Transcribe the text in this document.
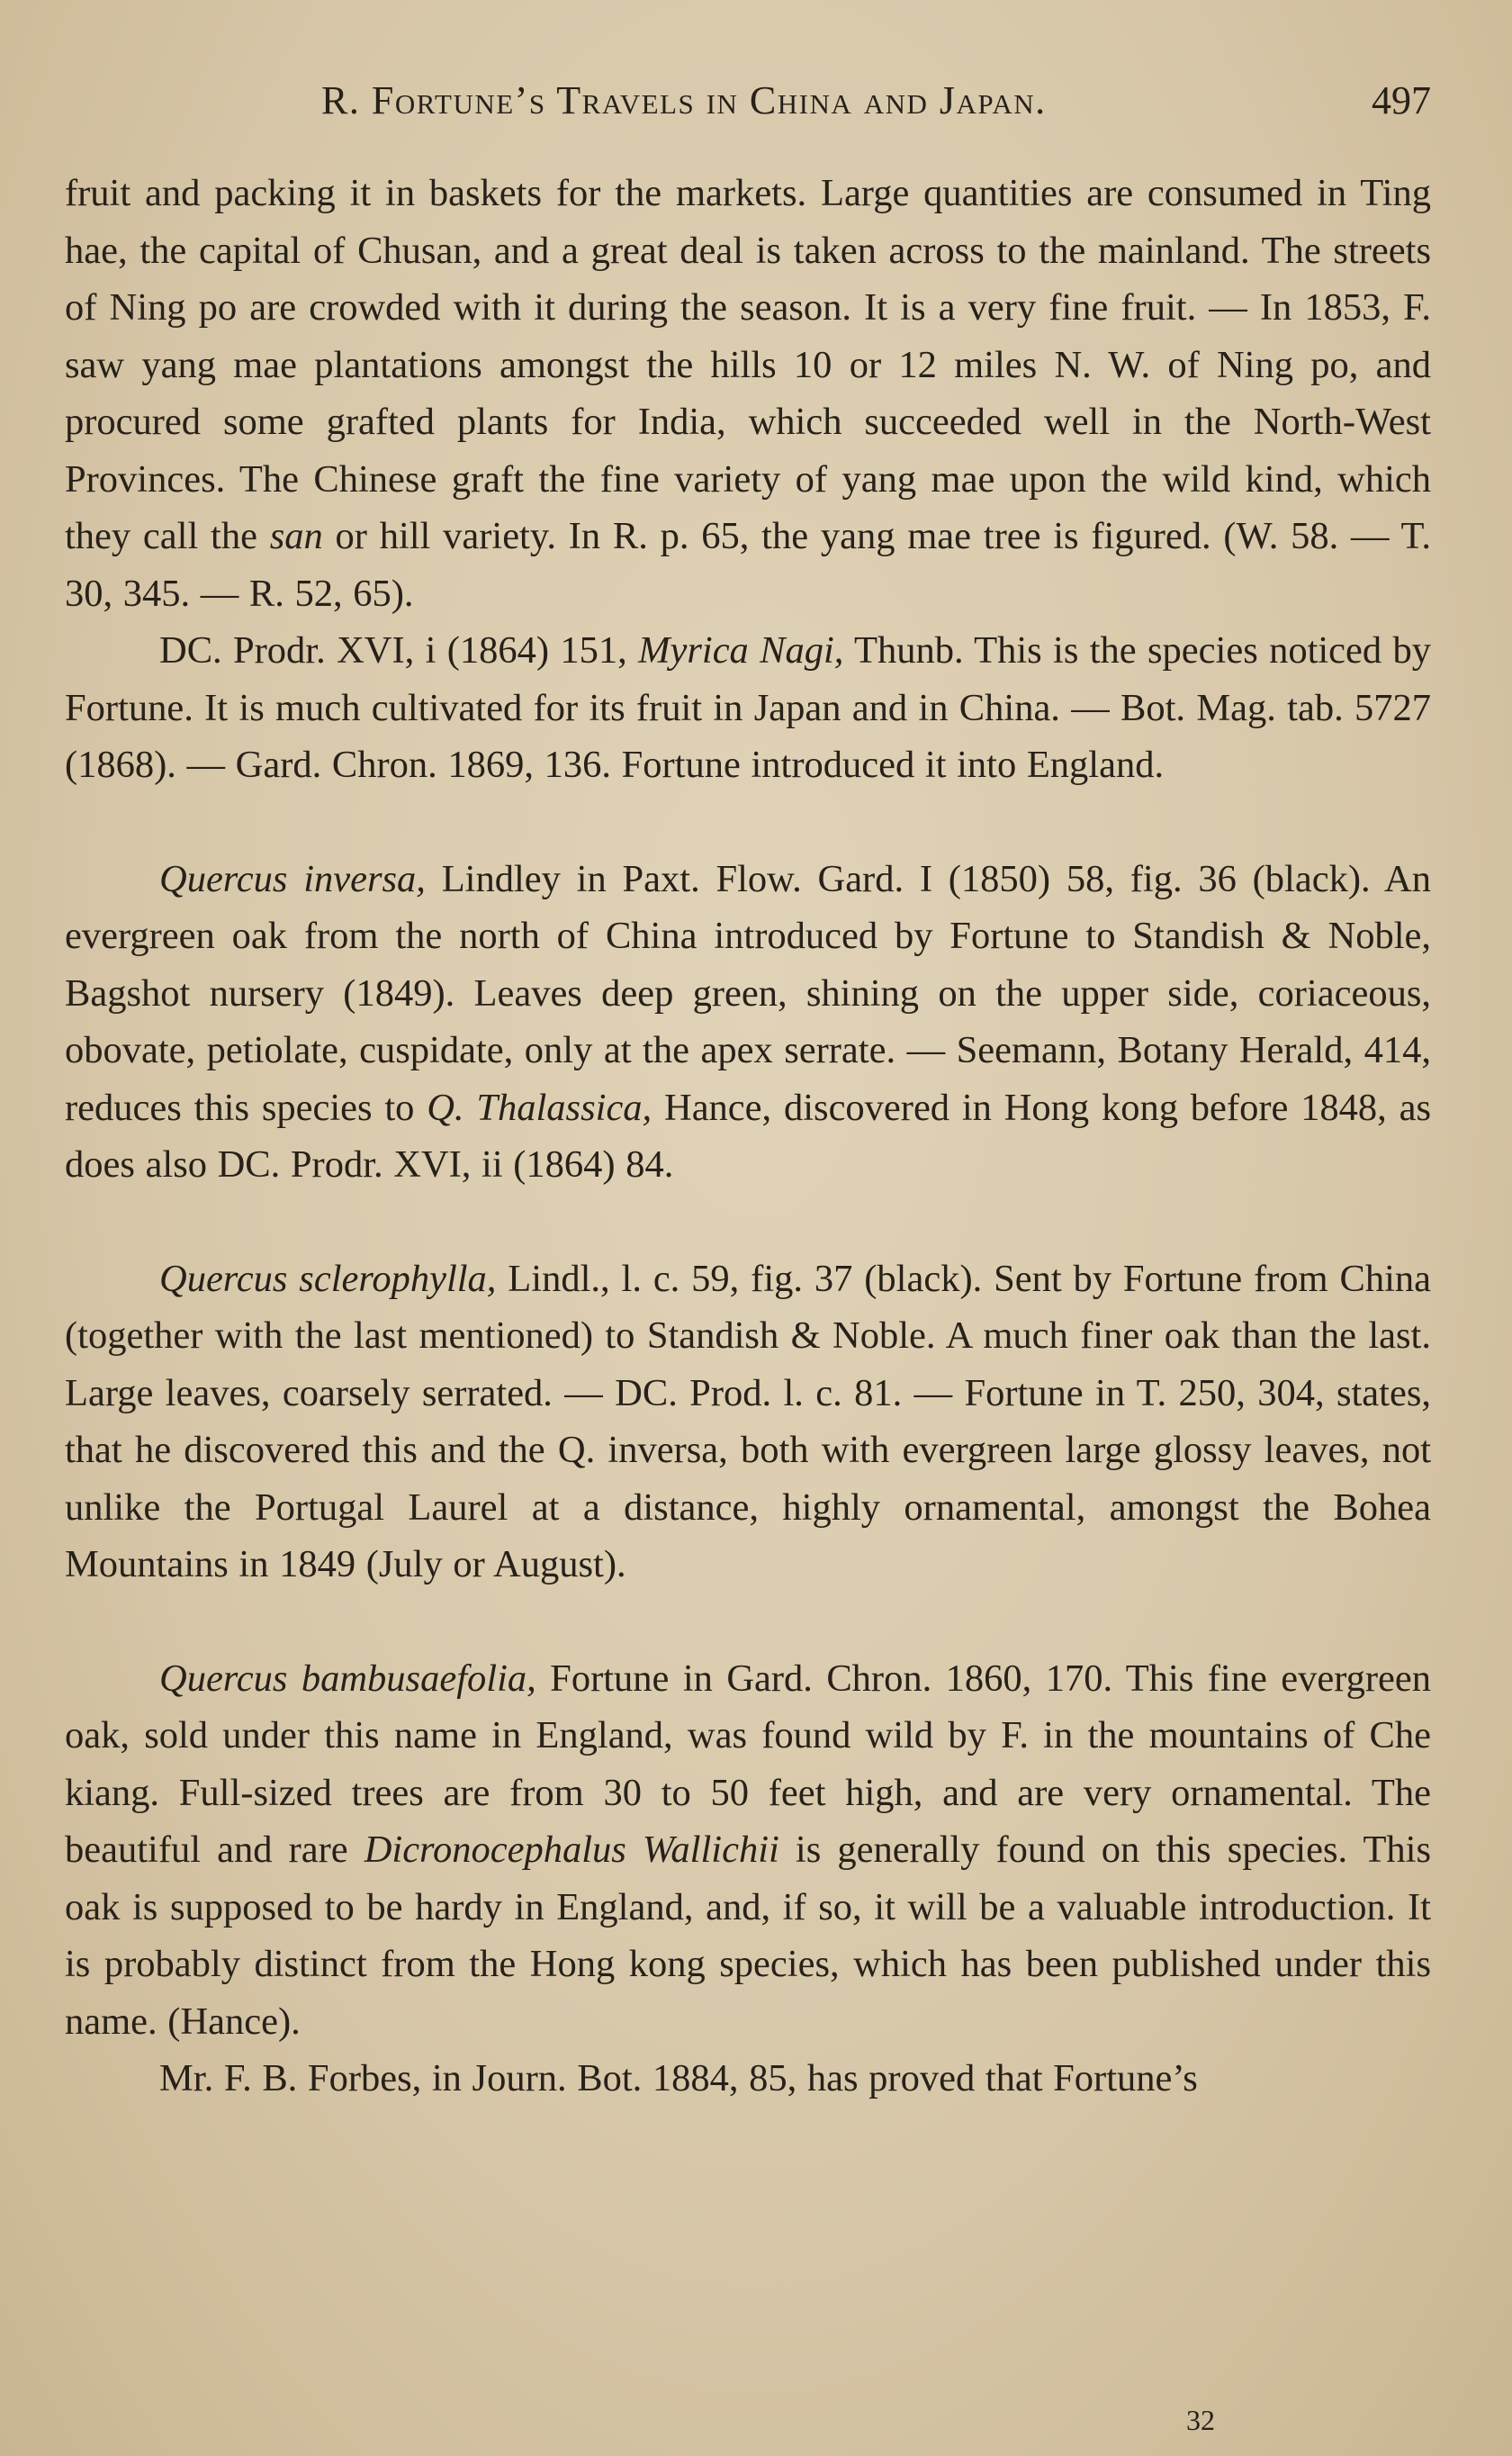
R. Fortune’s Travels in China and Japan.	497

fruit and packing it in baskets for the markets. Large quantities are consumed in Ting hae, the capital of Chusan, and a great deal is taken across to the mainland. The streets of Ning po are crowded with it during the season. It is a very fine fruit. — In 1853, F. saw yang mae plantations amongst the hills 10 or 12 miles N. W. of Ning po, and procured some grafted plants for India, which succeeded well in the North-West Provinces. The Chinese graft the fine variety of yang mae upon the wild kind, which they call the san or hill variety. In R. p. 65, the yang mae tree is figured. (W. 58. — T. 30, 345. — R. 52, 65).

DC. Prodr. XVI, i (1864) 151, Myrica Nagi, Thunb. This is the species noticed by Fortune. It is much cultivated for its fruit in Japan and in China. — Bot. Mag. tab. 5727 (1868). — Gard. Chron. 1869, 136. Fortune introduced it into England.

Quercus inversa, Lindley in Paxt. Flow. Gard. I (1850) 58, fig. 36 (black). An evergreen oak from the north of China introduced by Fortune to Standish & Noble, Bagshot nursery (1849). Leaves deep green, shining on the upper side, coriaceous, obovate, petiolate, cuspidate, only at the apex serrate. — Seemann, Botany Herald, 414, reduces this species to Q. Thalassica, Hance, discovered in Hong kong before 1848, as does also DC. Prodr. XVI, ii (1864) 84.

Quercus sclerophylla, Lindl., l. c. 59, fig. 37 (black). Sent by Fortune from China (together with the last mentioned) to Standish & Noble. A much finer oak than the last. Large leaves, coarsely serrated. — DC. Prod. l. c. 81. — Fortune in T. 250, 304, states, that he discovered this and the Q. inversa, both with evergreen large glossy leaves, not unlike the Portugal Laurel at a distance, highly ornamental, amongst the Bohea Mountains in 1849 (July or August).

Quercus bambusaefolia, Fortune in Gard. Chron. 1860, 170. This fine evergreen oak, sold under this name in England, was found wild by F. in the mountains of Che kiang. Full-sized trees are from 30 to 50 feet high, and are very ornamental. The beautiful and rare Dicronocephalus Wallichii is generally found on this species. This oak is supposed to be hardy in England, and, if so, it will be a valuable introduction. It is probably distinct from the Hong kong species, which has been published under this name. (Hance).

Mr. F. B. Forbes, in Journ. Bot. 1884, 85, has proved that Fortune’s

32
